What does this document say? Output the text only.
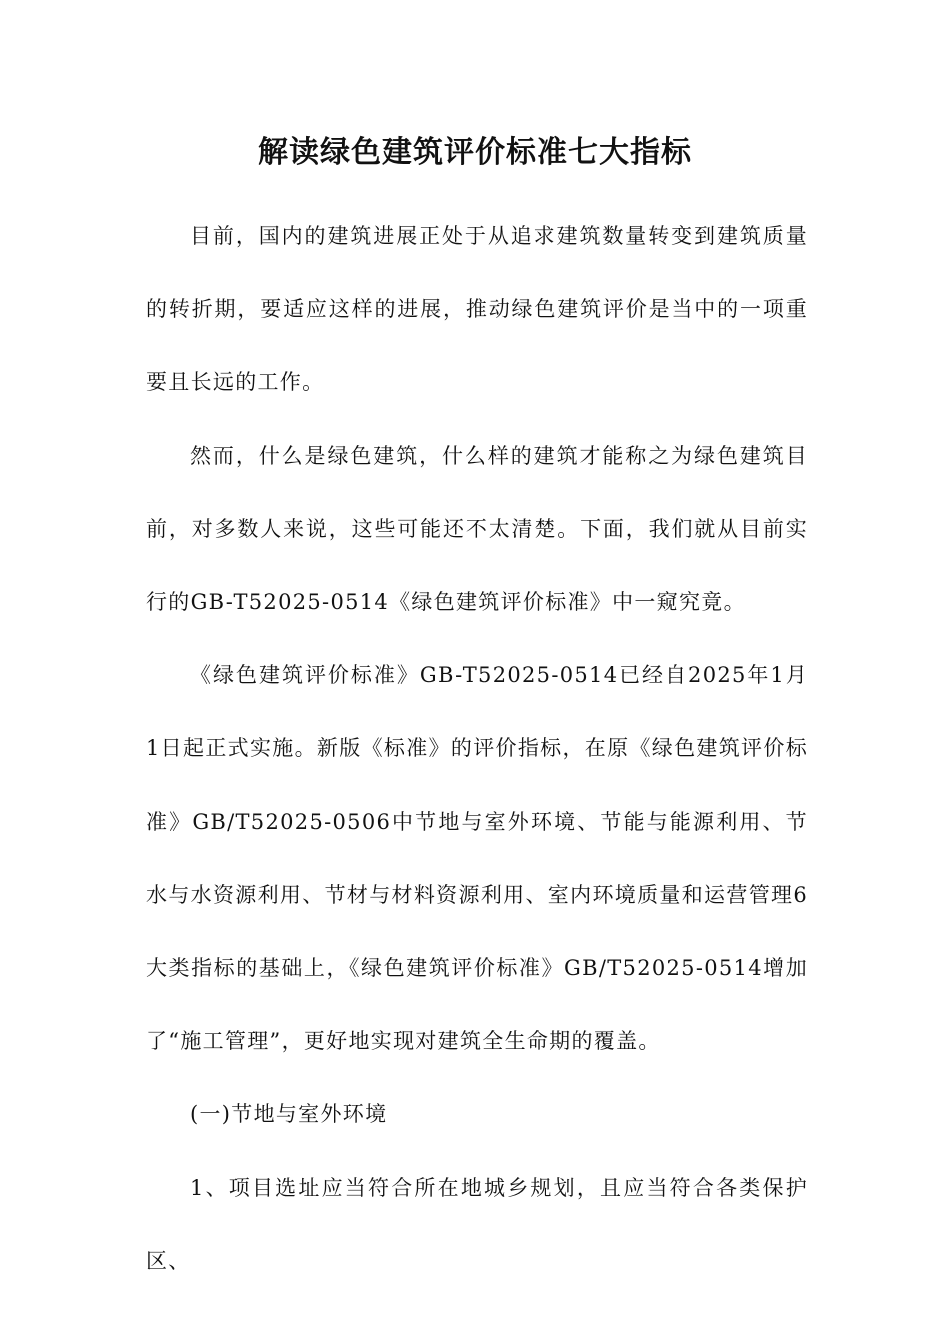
解读绿色建筑评价标准七大指标

目前，国内的建筑进展正处于从追求建筑数量转变到建筑质量的转折期，要适应这样的进展，推动绿色建筑评价是当中的一项重要且长远的工作。

然而，什么是绿色建筑，什么样的建筑才能称之为绿色建筑目前，对多数人来说，这些可能还不太清楚。下面，我们就从目前实行的GB-T52025-0514《绿色建筑评价标准》中一窥究竟。

《绿色建筑评价标准》GB-T52025-0514已经自2025年1月1日起正式实施。新版《标准》的评价指标，在原《绿色建筑评价标准》GB/T52025-0506中节地与室外环境、节能与能源利用、节水与水资源利用、节材与材料资源利用、室内环境质量和运营管理6大类指标的基础上，《绿色建筑评价标准》GB/T52025-0514增加了“施工管理”，更好地实现对建筑全生命期的覆盖。

(一)节地与室外环境

1、项目选址应当符合所在地城乡规划，且应当符合各类保护区、
